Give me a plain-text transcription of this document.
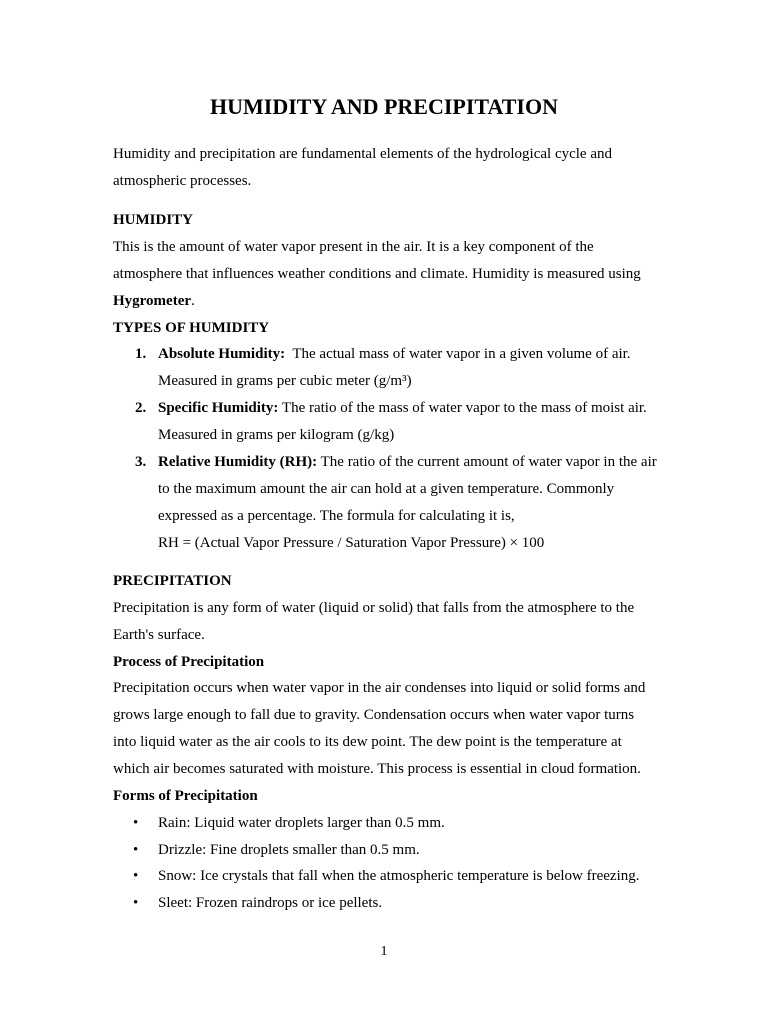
HUMIDITY AND PRECIPITATION

Humidity and precipitation are fundamental elements of the hydrological cycle and atmospheric processes.

HUMIDITY

This is the amount of water vapor present in the air. It is a key component of the atmosphere that influences weather conditions and climate. Humidity is measured using Hygrometer.

TYPES OF HUMIDITY

1. Absolute Humidity:  The actual mass of water vapor in a given volume of air. Measured in grams per cubic meter (g/m³)
2. Specific Humidity: The ratio of the mass of water vapor to the mass of moist air. Measured in grams per kilogram (g/kg)
3. Relative Humidity (RH): The ratio of the current amount of water vapor in the air to the maximum amount the air can hold at a given temperature. Commonly expressed as a percentage. The formula for calculating it is,
RH = (Actual Vapor Pressure / Saturation Vapor Pressure) × 100

PRECIPITATION

Precipitation is any form of water (liquid or solid) that falls from the atmosphere to the Earth's surface.

Process of Precipitation

Precipitation occurs when water vapor in the air condenses into liquid or solid forms and grows large enough to fall due to gravity. Condensation occurs when water vapor turns into liquid water as the air cools to its dew point. The dew point is the temperature at which air becomes saturated with moisture. This process is essential in cloud formation.

Forms of Precipitation

• Rain: Liquid water droplets larger than 0.5 mm.
• Drizzle: Fine droplets smaller than 0.5 mm.
• Snow: Ice crystals that fall when the atmospheric temperature is below freezing.
• Sleet: Frozen raindrops or ice pellets.
1
